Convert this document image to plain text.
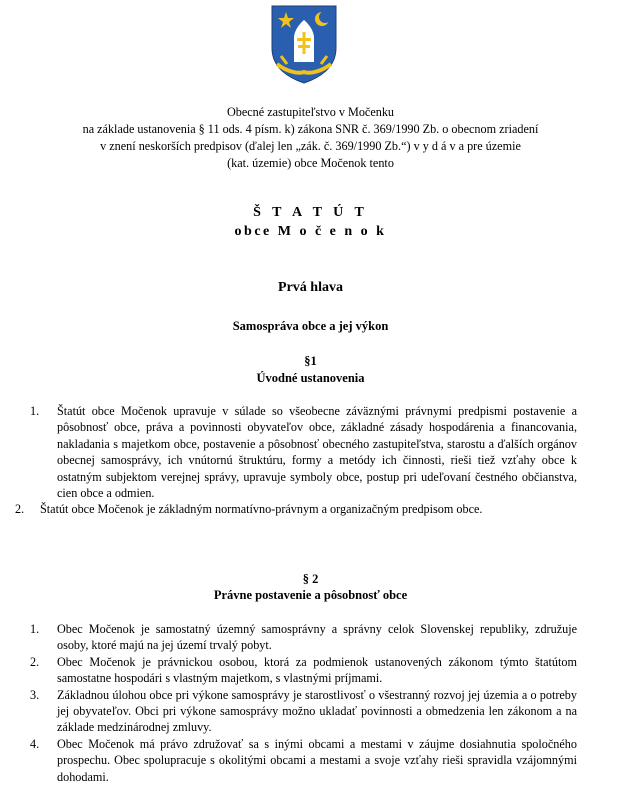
Obecné zastupiteľstvo v Močenku
na základe ustanovenia § 11 ods. 4 písm. k) zákona SNR č. 369/1990 Zb. o obecnom zriadení
v znení neskorších predpisov (ďalej len „zák. č. 369/1990 Zb.“) v y d á v a pre územie
(kat. územie) obce Močenok tento
Š T A T Ú T
obce M o č e n o k
Prvá hlava
Samospráva obce a jej výkon
§1
Úvodné ustanovenia
1.	Štatút obce Močenok upravuje v súlade so všeobecne záväznými právnymi predpismi postavenie a pôsobnosť obce, práva a povinnosti obyvateľov obce, základné zásady hospodárenia a financovania, nakladania s majetkom obce, postavenie a pôsobnosť obecného zastupiteľstva, starostu a ďalších orgánov obecnej samosprávy, ich vnútornú štruktúru, formy a metódy ich činnosti, rieši tiež vzťahy obce k ostatným subjektom verejnej správy, upravuje symboly obce, postup pri udeľovaní čestného občianstva, cien obce a odmien.
2.	Štatút obce Močenok je základným normatívno-právnym a organizačným predpisom obce.
§ 2
Právne postavenie a pôsobnosť obce
1.	Obec Močenok je samostatný územný samosprávny a správny celok Slovenskej republiky, združuje osoby, ktoré majú na jej území trvalý pobyt.
2.	Obec Močenok je právnickou osobou, ktorá za podmienok ustanovených zákonom týmto štatútom samostatne hospodári s vlastným majetkom, s vlastnými príjmami.
3.	Základnou úlohou obce pri výkone samosprávy je starostlivosť o všestranný rozvoj jej územia a o potreby jej obyvateľov. Obci pri výkone samosprávy možno ukladať povinnosti a obmedzenia len zákonom a na základe medzinárodnej zmluvy.
4.	Obec Močenok má právo združovať sa s inými obcami a mestami v záujme dosiahnutia spoločného prospechu. Obec spolupracuje s okolitými obcami a mestami a svoje vzťahy rieši spravidla vzájomnými dohodami.
